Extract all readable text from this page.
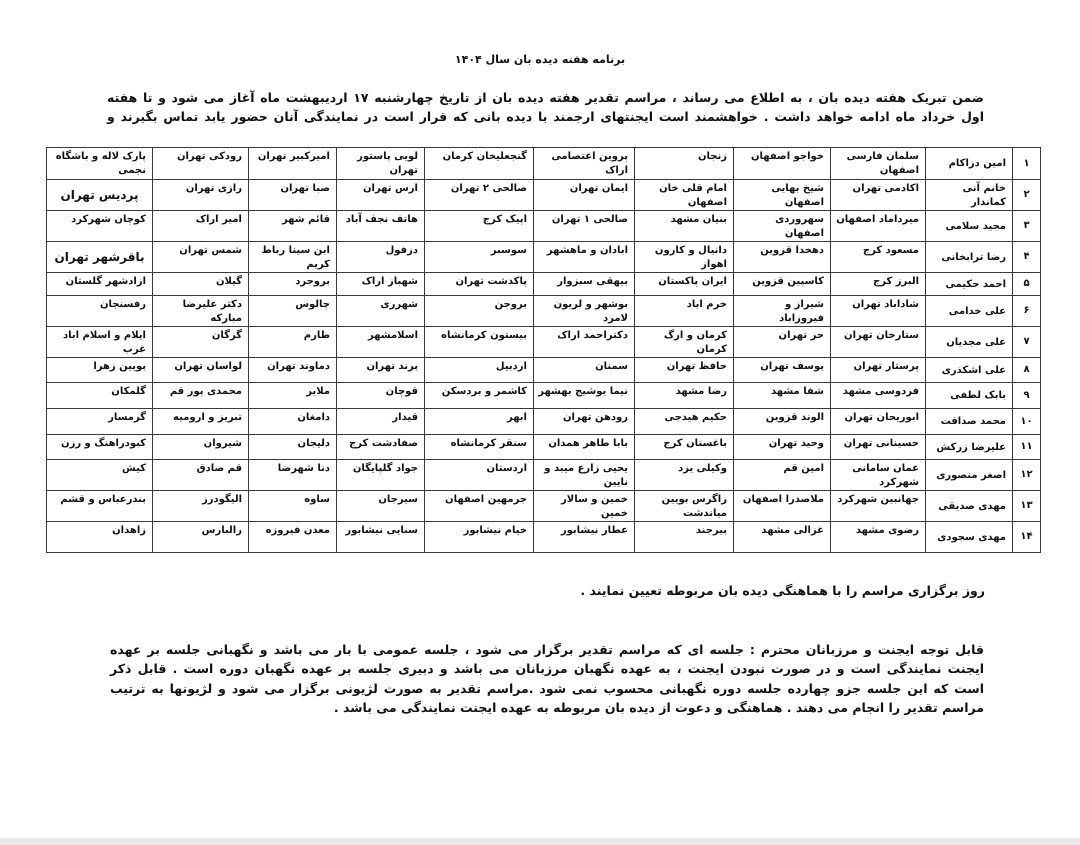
برنامه هفته دیده بان سال ۱۴۰۴
ضمن تبریک هفته دیده بان ، به اطلاع می رساند ، مراسم تقدیر هفته دیده بان از تاریخ چهارشنبه ۱۷ اردیبهشت ماه آغاز می شود و تا هفته
اول خرداد ماه ادامه خواهد داشت . خواهشمند است ایجنتهای ارجمند با دیده بانی که قرار است در نمایندگی آنان حضور یابد تماس بگیرند و
۱	امین دزاکام	سلمان فارسی اصفهان	خواجو اصفهان	زنجان	پروین اعتصامی اراک	گنجعلیخان کرمان	لویی پاستور تهران	امیرکبیر تهران	رودکی تهران	پارک لاله و باشگاه نجمی
۲	خانم آنی کماندار	اکادمی تهران	شیخ بهایی اصفهان	امام قلی خان اصفهان	ایمان تهران	صالحی ۲ تهران	ارس تهران	صبا تهران	رازی تهران	پردیس تهران
۳	مجید سلامی	میرداماد اصفهان	سهروردی اصفهان	بنیان مشهد	صالحی ۱ تهران	اپیک کرج	هاتف نجف آباد	قائم شهر	امیر اراک	کوچان شهرکرد
۴	رضا ترابخانی	مسعود کرج	دهخدا قزوین	دانیال و کارون اهواز	ابادان و ماهشهر	سوسبر	دزفول	ابن سینا رباط کریم	شمس تهران	باقرشهر تهران
۵	احمد حکیمی	البرز کرج	کاسپین قزوین	ایران پاکستان	بیهقی سبزوار	پاکدشت تهران	شهباز اراک	بروجرد	گیلان	ازادشهر گلستان
۶	علی خدامی	شاداباد تهران	شیراز و فیروزاباد	خرم اباد	بوشهر و لریون لامرد	بروجن	شهرری	چالوس	دکتر علیرضا مبارکه	رفسنجان
۷	علی مجدیان	ستارخان تهران	حر تهران	کرمان و ارگ کرمان	دکتراحمد اراک	بیستون کرمانشاه	اسلامشهر	طارم	گرگان	ایلام و اسلام اباد غرب
۸	علی اشکذری	پرستار تهران	یوسف تهران	حافظ تهران	سمنان	اردبیل	برند تهران	دماوند تهران	لواسان تهران	بویین زهرا
۹	بابک لطفی	فردوسی مشهد	شفا مشهد	رضا مشهد	نیما یوشیج بهشهر	کاشمر و بردسکن	قوچان	ملایر	محمدی پور قم	گلمکان
۱۰	محمد صداقت	ابوریحان تهران	الوند قزوین	حکیم هیدجی	رودهن تهران	ابهر	قیدار	دامغان	تبریز و ارومیه	گرمسار
۱۱	علیرضا زرکش	حسینانی تهران	وحید تهران	باغستان کرج	بابا طاهر همدان	سنقر کرمانشاه	صفادشت کرج	دلیجان	شیروان	کبودراهنگ و رزن
۱۲	اصغر منصوری	عمان سامانی شهرکرد	امین قم	وکیلی یزد	یحیی زارع میبد و نایین	اردستان	جواد گلپایگان	دنا شهرضا	قم صادق	کیش
۱۳	مهدی صدیقی	جهانبین شهرکرد	ملاصدرا اصفهان	زاگرس بویین میاندشت	خمین و سالار خمین	جرمهین اصفهان	سیرجان	ساوه	الیگودرز	بندرعباس و قشم
۱۴	مهدی سجودی	رضوی مشهد	غزالی مشهد	بیرجند	عطار نیشابور	خیام نیشابور	سنایی نیشابور	معدن فیروزه	رالبارس	زاهدان
روز برگزاری مراسم را با هماهنگی دیده بان مربوطه تعیین نمایند .
قابل توجه ایجنت و مرزبانان محترم : جلسه ای که مراسم تقدیر برگزار می شود ، جلسه عمومی با بار می باشد و نگهبانی جلسه بر عهده
ایجنت نمایندگی است و در صورت نبودن ایجنت ، به عهده نگهبان مرزبانان می باشد و دبیری جلسه بر عهده نگهبان دوره است . قابل ذکر
است که این جلسه جزو چهارده جلسه دوره نگهبانی محسوب نمی شود .مراسم تقدیر به صورت لژیونی برگزار می شود و لژیونها به ترتیب
مراسم تقدیر را انجام می دهند . هماهنگی و دعوت از دیده بان مربوطه به عهده ایجنت نمایندگی می باشد .
